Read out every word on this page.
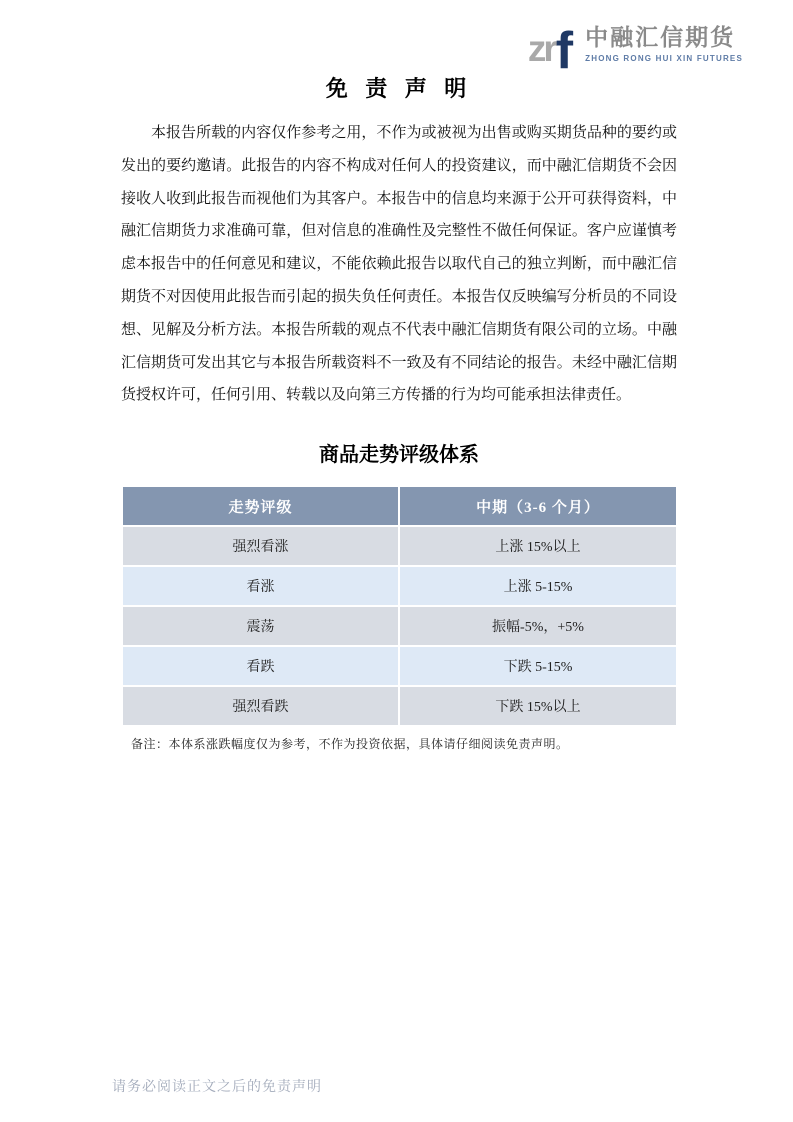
zr f 中融汇信期货
ZHONG RONG HUI XIN FUTURES
免 责 声 明

本报告所载的内容仅作参考之用，不作为或被视为出售或购买期货品种的要约或发出的要约邀请。此报告的内容不构成对任何人的投资建议，而中融汇信期货不会因接收人收到此报告而视他们为其客户。本报告中的信息均来源于公开可获得资料，中融汇信期货力求准确可靠，但对信息的准确性及完整性不做任何保证。客户应谨慎考虑本报告中的任何意见和建议，不能依赖此报告以取代自己的独立判断，而中融汇信期货不对因使用此报告而引起的损失负任何责任。本报告仅反映编写分析员的不同设想、见解及分析方法。本报告所载的观点不代表中融汇信期货有限公司的立场。中融汇信期货可发出其它与本报告所载资料不一致及有不同结论的报告。未经中融汇信期货授权许可，任何引用、转载以及向第三方传播的行为均可能承担法律责任。

商品走势评级体系
走势评级	中期（3-6 个月）
强烈看涨	上涨 15%以上
看涨	上涨 5-15%
震荡	振幅-5%，+5%
看跌	下跌 5-15%
强烈看跌	下跌 15%以上

备注：本体系涨跌幅度仅为参考，不作为投资依据，具体请仔细阅读免责声明。

请务必阅读正文之后的免责声明
